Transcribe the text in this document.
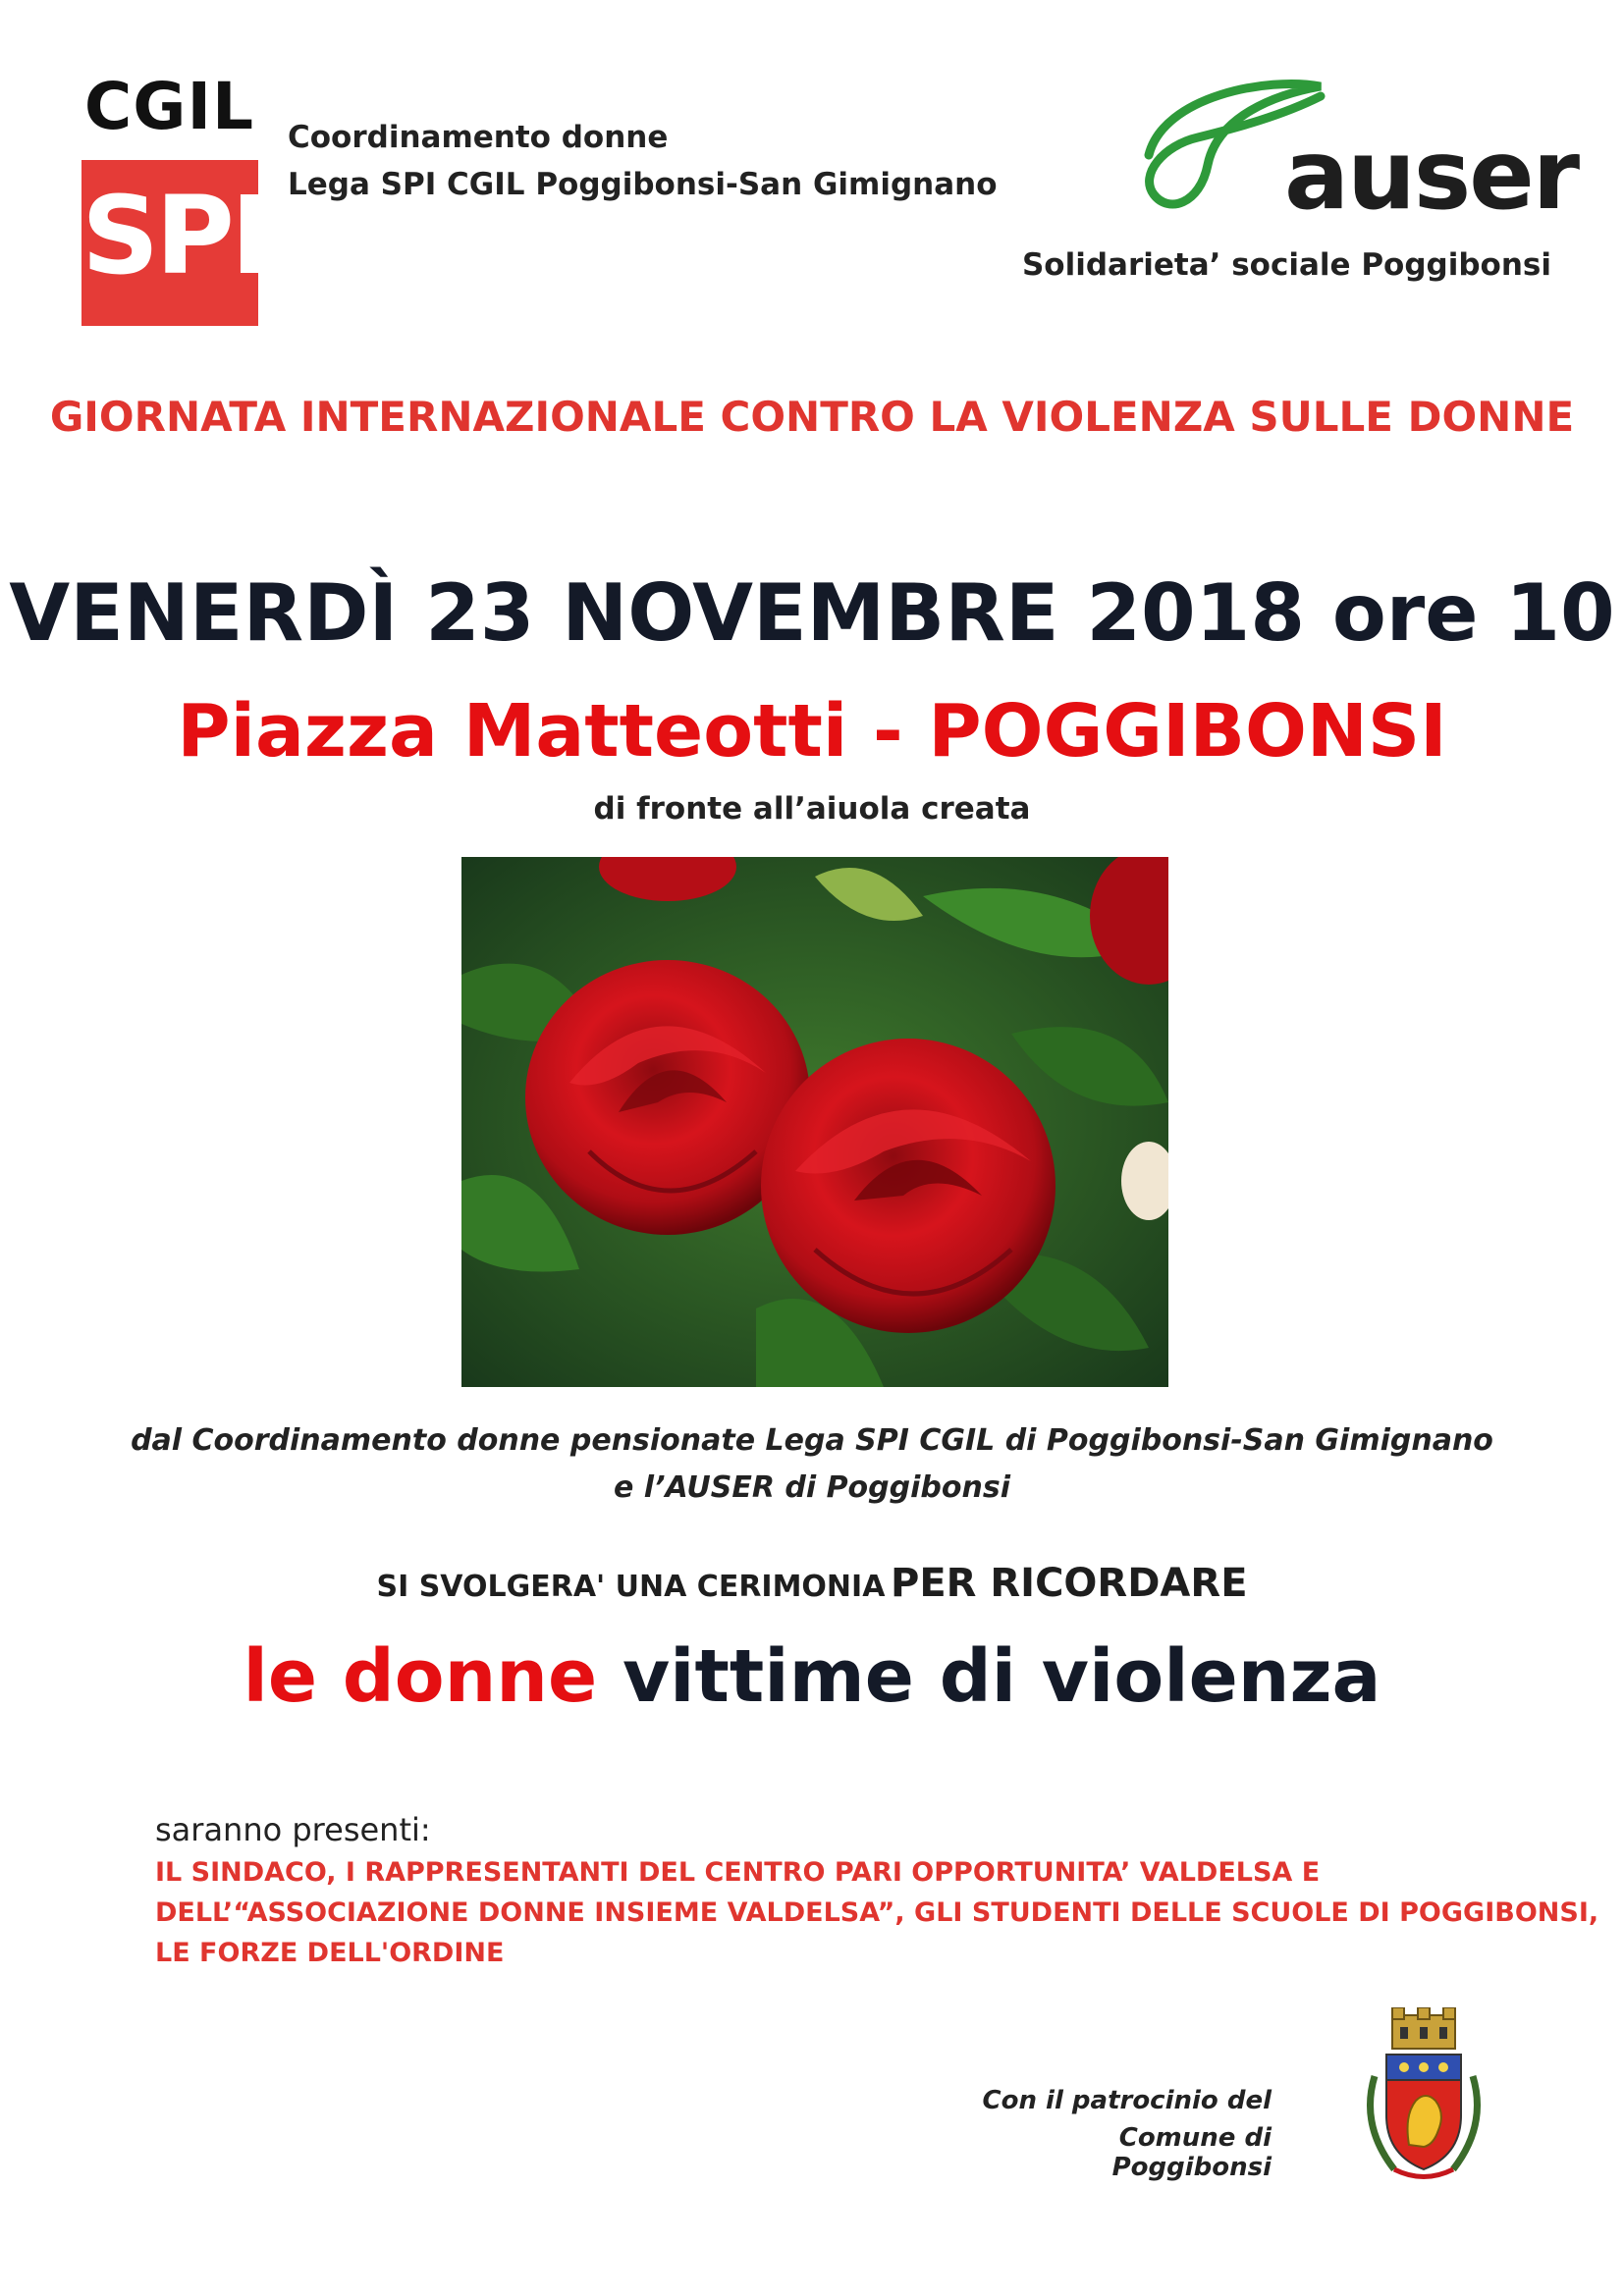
CGIL
SPI
Coordinamento donne
Lega SPI CGIL Poggibonsi-San Gimignano	auser
Solidarieta’ sociale Poggibonsi
GIORNATA INTERNAZIONALE CONTRO LA VIOLENZA SULLE DONNE
VENERDÌ 23 NOVEMBRE 2018 ore 10
Piazza Matteotti - POGGIBONSI
di fronte all’aiuola creata
dal Coordinamento donne pensionate Lega SPI CGIL di Poggibonsi-San Gimignano
e l’AUSER di Poggibonsi
SI SVOLGERA' UNA CERIMONIA PER RICORDARE
le donne vittime di violenza
saranno presenti:
IL SINDACO, I RAPPRESENTANTI DEL CENTRO PARI OPPORTUNITA’ VALDELSA E
DELL’“ASSOCIAZIONE DONNE INSIEME VALDELSA”, GLI STUDENTI DELLE SCUOLE DI POGGIBONSI,
LE FORZE DELL'ORDINE
Con il patrocinio del
Comune di Poggibonsi
